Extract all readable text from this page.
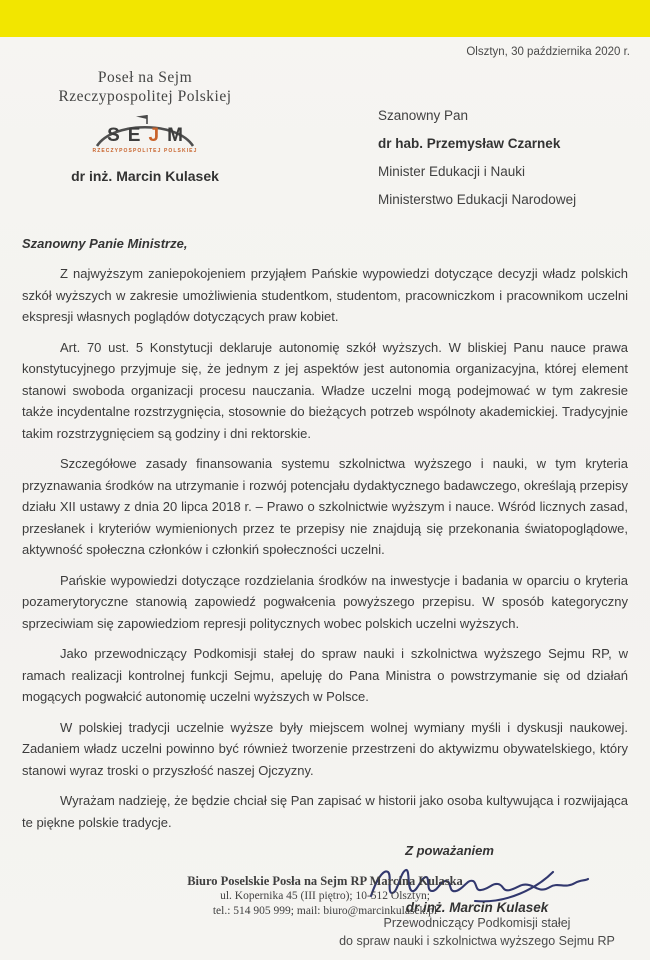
Olsztyn, 30 października 2020 r.
Poseł na Sejm
Rzeczypospolitej Polskiej
S E J M
RZECZYPOSPOLITEJ POLSKIEJ
dr inż. Marcin Kulasek
Szanowny Pan
dr hab. Przemysław Czarnek
Minister Edukacji i Nauki
Ministerstwo Edukacji Narodowej
Szanowny Panie Ministrze,

Z najwyższym zaniepokojeniem przyjąłem Pańskie wypowiedzi dotyczące decyzji władz polskich szkół wyższych w zakresie umożliwienia studentkom, studentom, pracowniczkom i pracownikom uczelni ekspresji własnych poglądów dotyczących praw kobiet.

Art. 70 ust. 5 Konstytucji deklaruje autonomię szkół wyższych. W bliskiej Panu nauce prawa konstytucyjnego przyjmuje się, że jednym z jej aspektów jest autonomia organizacyjna, której element stanowi swoboda organizacji procesu nauczania. Władze uczelni mogą podejmować w tym zakresie także incydentalne rozstrzygnięcia, stosownie do bieżących potrzeb wspólnoty akademickiej. Tradycyjnie takim rozstrzygnięciem są godziny i dni rektorskie.

Szczegółowe zasady finansowania systemu szkolnictwa wyższego i nauki, w tym kryteria przyznawania środków na utrzymanie i rozwój potencjału dydaktycznego badawczego, określają przepisy działu XII ustawy z dnia 20 lipca 2018 r. – Prawo o szkolnictwie wyższym i nauce. Wśród licznych zasad, przesłanek i kryteriów wymienionych przez te przepisy nie znajdują się przekonania światopoglądowe, aktywność społeczna członków i członkiń społeczności uczelni.

Pańskie wypowiedzi dotyczące rozdzielania środków na inwestycje i badania w oparciu o kryteria pozamerytoryczne stanowią zapowiedź pogwałcenia powyższego przepisu. W sposób kategoryczny sprzeciwiam się zapowiedziom represji politycznych wobec polskich uczelni wyższych.

Jako przewodniczący Podkomisji stałej do spraw nauki i szkolnictwa wyższego Sejmu RP, w ramach realizacji kontrolnej funkcji Sejmu, apeluję do Pana Ministra o powstrzymanie się od działań mogących pogwałcić autonomię uczelni wyższych w Polsce.

W polskiej tradycji uczelnie wyższe były miejscem wolnej wymiany myśli i dyskusji naukowej. Zadaniem władz uczelni powinno być również tworzenie przestrzeni do aktywizmu obywatelskiego, który stanowi wyraz troski o przyszłość naszej Ojczyzny.

Wyrażam nadzieję, że będzie chciał się Pan zapisać w historii jako osoba kultywująca i rozwijająca te piękne polskie tradycje.

Z poważaniem
dr inż. Marcin Kulasek
Przewodniczący Podkomisji stałej
do spraw nauki i szkolnictwa wyższego Sejmu RP
Biuro Poselskie Posła na Sejm RP Marcina Kulaska
ul. Kopernika 45 (III piętro); 10-512 Olsztyn;
tel.: 514 905 999; mail: biuro@marcinkulasek.pl
